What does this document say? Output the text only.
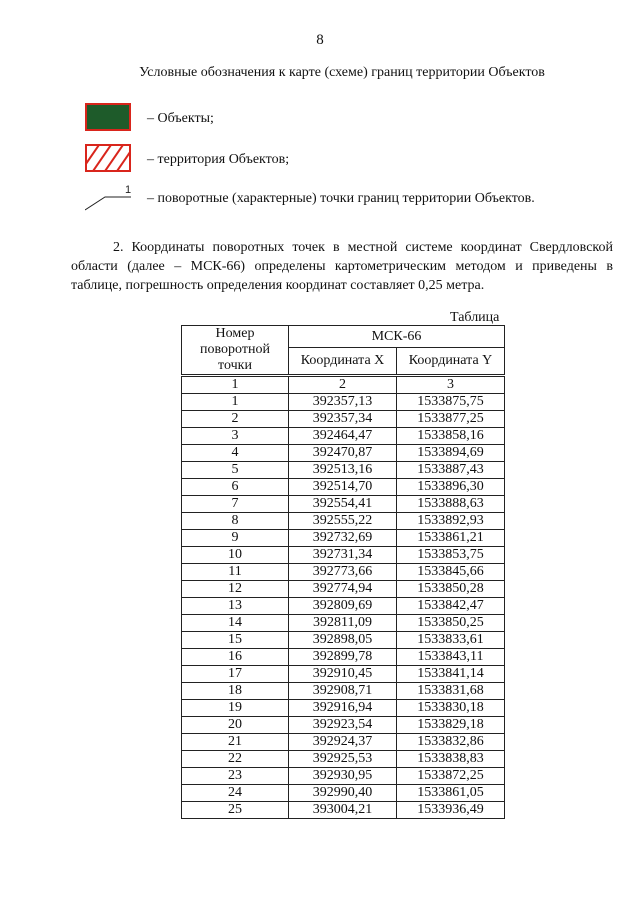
8
Условные обозначения к карте (схеме) границ территории Объектов
– Объекты;
– территория Объектов;
1
– поворотные (характерные) точки границ территории Объектов.
2. Координаты поворотных точек в местной системе координат Свердловской области (далее – МСК-66) определены картометрическим методом и приведены в таблице, погрешность определения координат составляет 0,25 метра.
Таблица
Номер поворотной точки	МСК-66	
	Координата X	Координата Y
1	2	3
1	392357,13	1533875,75
2	392357,34	1533877,25
3	392464,47	1533858,16
4	392470,87	1533894,69
5	392513,16	1533887,43
6	392514,70	1533896,30
7	392554,41	1533888,63
8	392555,22	1533892,93
9	392732,69	1533861,21
10	392731,34	1533853,75
11	392773,66	1533845,66
12	392774,94	1533850,28
13	392809,69	1533842,47
14	392811,09	1533850,25
15	392898,05	1533833,61
16	392899,78	1533843,11
17	392910,45	1533841,14
18	392908,71	1533831,68
19	392916,94	1533830,18
20	392923,54	1533829,18
21	392924,37	1533832,86
22	392925,53	1533838,83
23	392930,95	1533872,25
24	392990,40	1533861,05
25	393004,21	1533936,49
